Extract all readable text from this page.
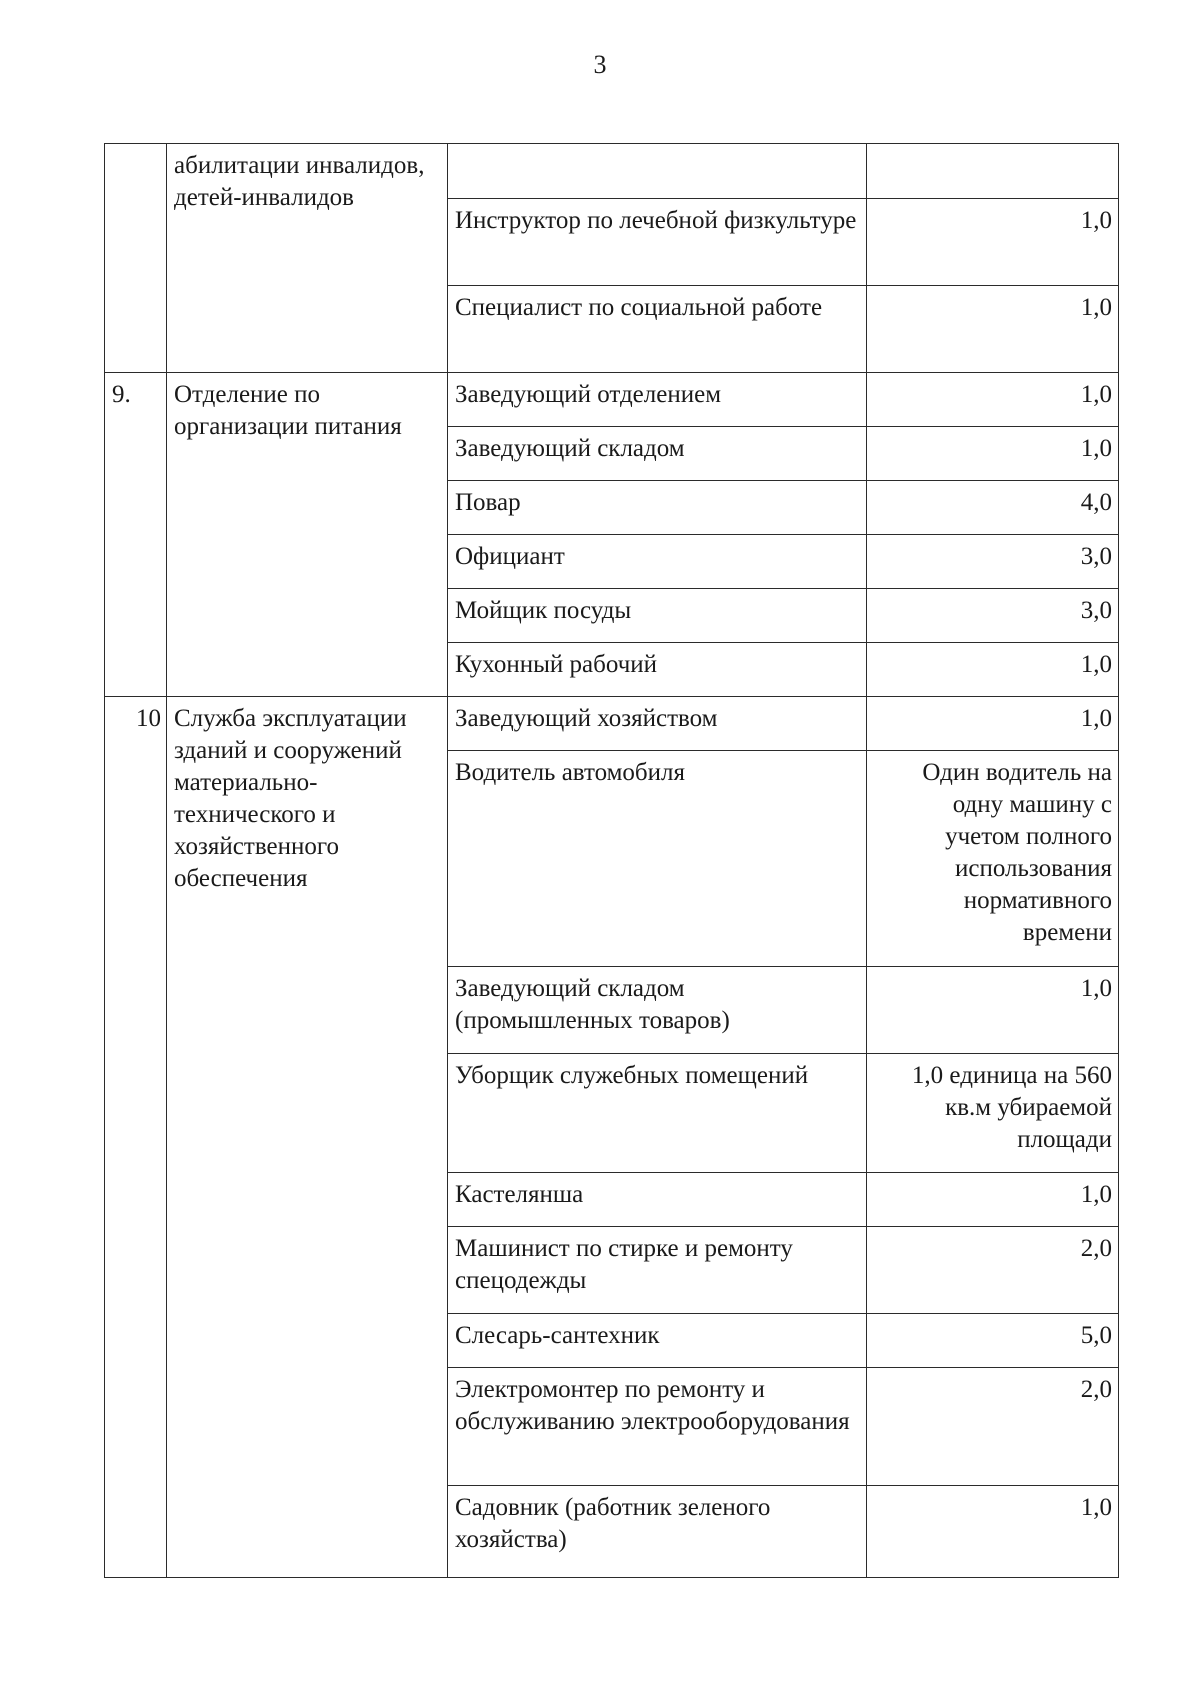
3

	абилитации инвалидов, детей-инвалидов		

		Инструктор по лечебной физкультуре	1,0

		Специалист по социальной работе	1,0

9.	Отделение по организации питания	Заведующий отделением	1,0

		Заведующий складом	1,0

		Повар	4,0

		Официант	3,0

		Мойщик посуды	3,0

		Кухонный рабочий	1,0

10	Служба эксплуатации зданий и сооружений материально-технического и хозяйственного обеспечения	Заведующий хозяйством	1,0

		Водитель автомобиля	Один водитель на одну машину с учетом полного использования нормативного времени

		Заведующий складом (промышленных товаров)	1,0

		Уборщик служебных помещений	1,0 единица на 560 кв.м убираемой площади

		Кастелянша	1,0

		Машинист по стирке и ремонту спецодежды	2,0

		Слесарь-сантехник	5,0

		Электромонтер по ремонту и обслуживанию электрооборудования	2,0

		Садовник (работник зеленого хозяйства)	1,0
